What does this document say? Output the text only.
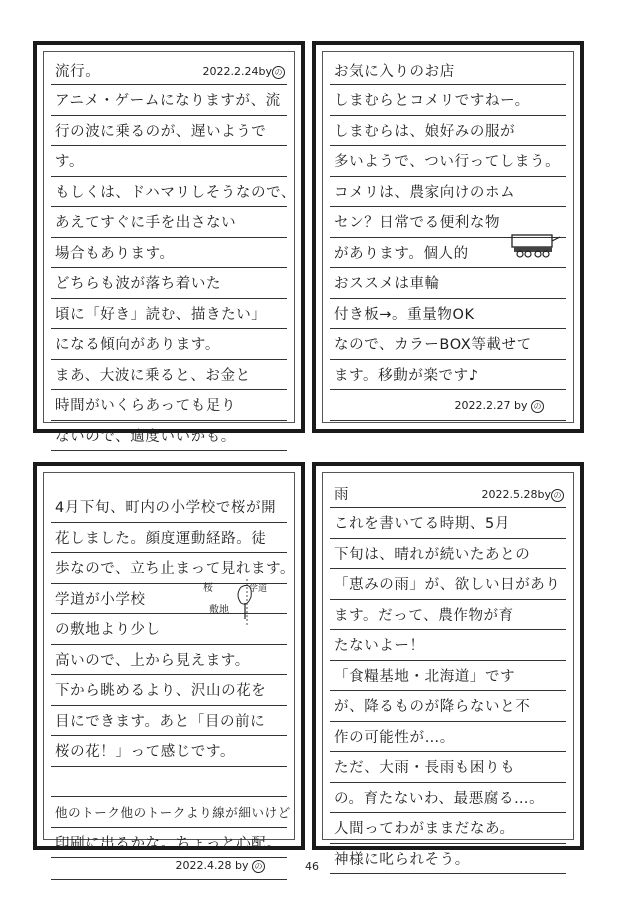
流行。	2022.2.24by の
アニメ・ゲームになりますが、流
行の波に乗るのが、遅いようで
す。
もしくは、ドハマリしそうなので、
あえてすぐに手を出さない
場合もあります。
どちらも波が落ち着いた
頃に「好き」読む、描きたい」
になる傾向があります。
まあ、大波に乗ると、お金と
時間がいくらあっても足り
ないので、適度いいかも。
お気に入りのお店
しまむらとコメリですねー。
しまむらは、娘好みの服が
多いようで、つい行ってしまう。
コメリは、農家向けのホム
セン？日常でる便利な物
があります。個人的
おススメは車輪
付き板→。重量物OK
なので、カラーBOX等載せて
ます。移動が楽です♪
2022.2.27 by の
4月下旬、町内の小学校で桜が開
花しました。顔度運動経路。徒
歩なので、立ち止まって見れます。
学道が小学校
の敷地より少し
高いので、上から見えます。
下から眺めるより、沢山の花を
目にできます。あと「目の前に
桜の花！」って感じです。
他のトーク他のトークより線が細いけど
印刷に出るかな。ちょっと心配。
2022.4.28 by の
桜	学道
敷地
雨	2022.5.28by の
これを書いてる時期、5月
下旬は、晴れが続いたあとの
「恵みの雨」が、欲しい日があり
ます。だって、農作物が育
たないよー！
「食糧基地・北海道」です
が、降るものが降らないと不
作の可能性が…。
ただ、大雨・長雨も困りも
の。育たないわ、最悪腐る…。
人間ってわがままだなあ。
神様に叱られそう。
46
